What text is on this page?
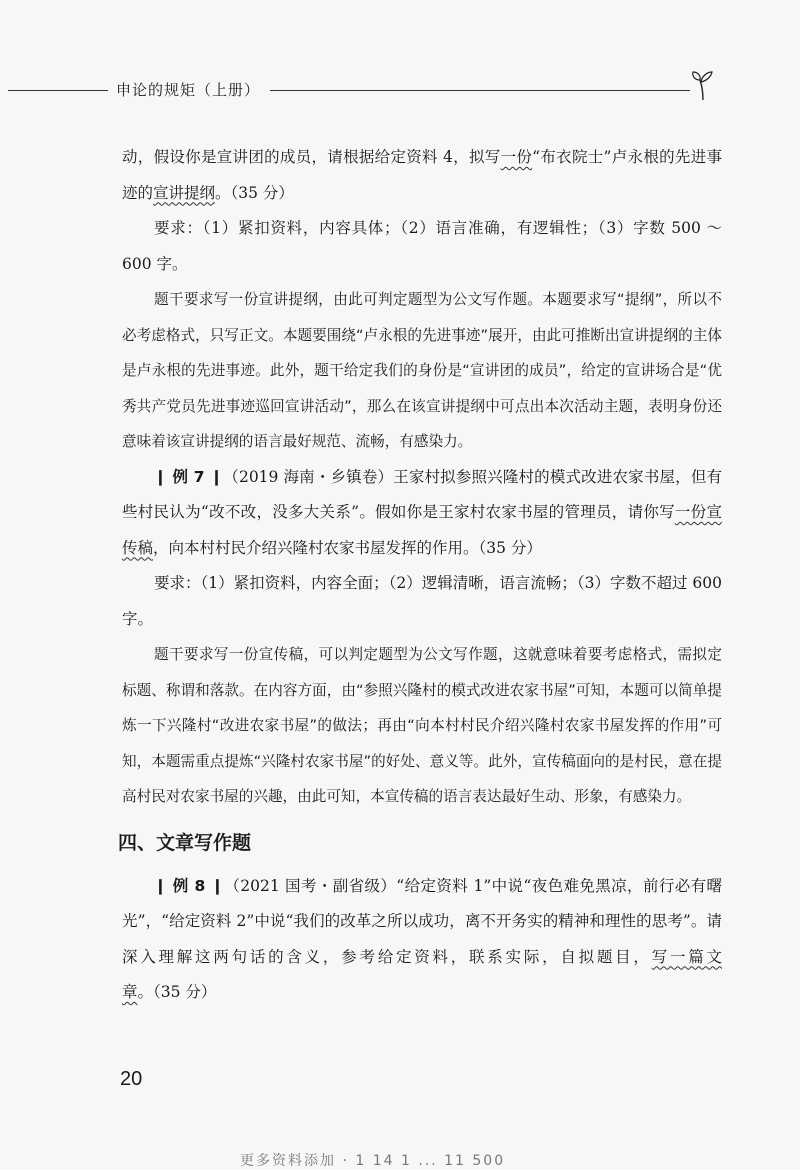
申论的规矩（上册）

动，假设你是宣讲团的成员，请根据给定资料 4，拟写一份“布衣院士”卢永根的先进事迹的宣讲提纲。（35 分）

要求：（1）紧扣资料，内容具体；（2）语言准确，有逻辑性；（3）字数 500 ～ 600 字。

题干要求写一份宣讲提纲，由此可判定题型为公文写作题。本题要求写“提纲”，所以不必考虑格式，只写正文。本题要围绕“卢永根的先进事迹”展开，由此可推断出宣讲提纲的主体是卢永根的先进事迹。此外，题干给定我们的身份是“宣讲团的成员”，给定的宣讲场合是“优秀共产党员先进事迹巡回宣讲活动”，那么在该宣讲提纲中可点出本次活动主题，表明身份还意味着该宣讲提纲的语言最好规范、流畅，有感染力。

❙ 例 7 ❙（2019 海南・乡镇卷）王家村拟参照兴隆村的模式改进农家书屋，但有些村民认为“改不改，没多大关系”。假如你是王家村农家书屋的管理员，请你写一份宣传稿，向本村村民介绍兴隆村农家书屋发挥的作用。（35 分）

要求：（1）紧扣资料，内容全面；（2）逻辑清晰，语言流畅；（3）字数不超过 600 字。

题干要求写一份宣传稿，可以判定题型为公文写作题，这就意味着要考虑格式，需拟定标题、称谓和落款。在内容方面，由“参照兴隆村的模式改进农家书屋”可知，本题可以简单提炼一下兴隆村“改进农家书屋”的做法；再由“向本村村民介绍兴隆村农家书屋发挥的作用”可知，本题需重点提炼“兴隆村农家书屋”的好处、意义等。此外，宣传稿面向的是村民，意在提高村民对农家书屋的兴趣，由此可知，本宣传稿的语言表达最好生动、形象，有感染力。

四、文章写作题

❙ 例 8 ❙（2021 国考・副省级）“给定资料 1”中说“夜色难免黑凉，前行必有曙光”，“给定资料 2”中说“我们的改革之所以成功，离不开务实的精神和理性的思考”。请深入理解这两句话的含义，参考给定资料，联系实际，自拟题目，写一篇文章。（35 分）

20
更多资料添加 · 1 14 1 ... 11 500
